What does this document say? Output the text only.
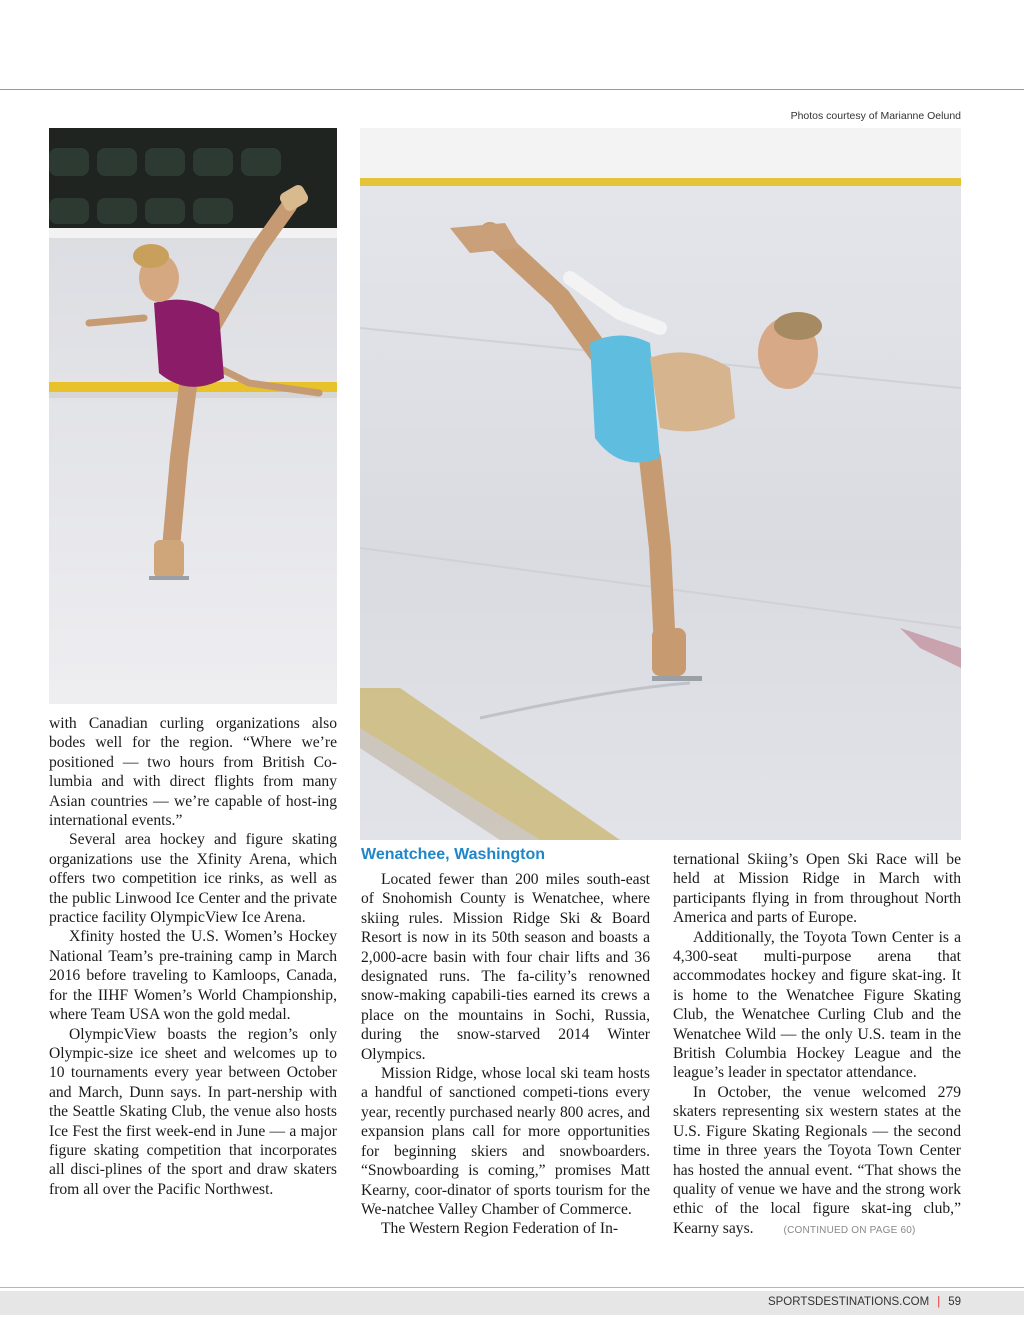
Photos courtesy of Marianne Oelund

with Canadian curling organizations also bodes well for the region. “Where we’re positioned — two hours from British Co-lumbia and with direct flights from many Asian countries — we’re capable of host-ing international events.”

Several area hockey and figure skating organizations use the Xfinity Arena, which offers two competition ice rinks, as well as the public Linwood Ice Center and the private practice facility OlympicView Ice Arena.

Xfinity hosted the U.S. Women’s Hockey National Team’s pre-training camp in March 2016 before traveling to Kamloops, Canada, for the IIHF Women’s World Championship, where Team USA won the gold medal.

OlympicView boasts the region’s only Olympic-size ice sheet and welcomes up to 10 tournaments every year between October and March, Dunn says. In part-nership with the Seattle Skating Club, the venue also hosts Ice Fest the first week-end in June — a major figure skating competition that incorporates all disci-plines of the sport and draw skaters from all over the Pacific Northwest.

Wenatchee, Washington

Located fewer than 200 miles south-east of Snohomish County is Wenatchee, where skiing rules. Mission Ridge Ski & Board Resort is now in its 50th season and boasts a 2,000-acre basin with four chair lifts and 36 designated runs. The fa-cility’s renowned snow-making capabili-ties earned its crews a place on the mountains in Sochi, Russia, during the snow-starved 2014 Winter Olympics.

Mission Ridge, whose local ski team hosts a handful of sanctioned competi-tions every year, recently purchased nearly 800 acres, and expansion plans call for more opportunities for beginning skiers and snowboarders. “Snowboarding is coming,” promises Matt Kearny, coor-dinator of sports tourism for the We-natchee Valley Chamber of Commerce.

The Western Region Federation of In-

ternational Skiing’s Open Ski Race will be held at Mission Ridge in March with participants flying in from throughout North America and parts of Europe.

Additionally, the Toyota Town Center is a 4,300-seat multi-purpose arena that accommodates hockey and figure skat-ing. It is home to the Wenatchee Figure Skating Club, the Wenatchee Curling Club and the Wenatchee Wild — the only U.S. team in the British Columbia Hockey League and the league’s leader in spectator attendance.

In October, the venue welcomed 279 skaters representing six western states at the U.S. Figure Skating Regionals — the second time in three years the Toyota Town Center has hosted the annual event. “That shows the quality of venue we have and the strong work ethic of the local figure skat-ing club,” Kearny says.	(CONTINUED ON PAGE 60)

SPORTSDESTINATIONS.COM | 59
